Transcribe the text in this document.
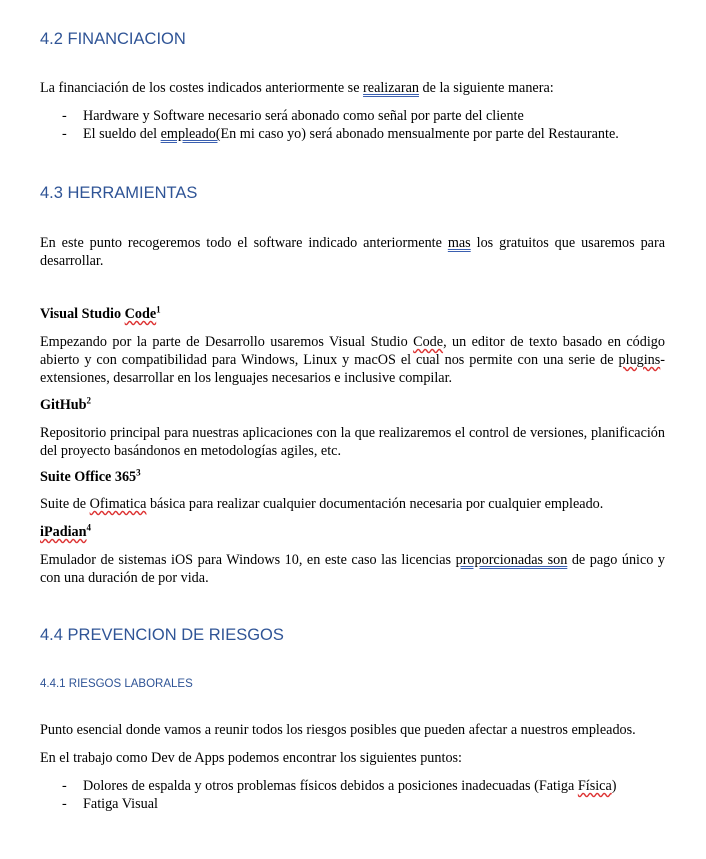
4.2 FINANCIACION
La financiación de los costes indicados anteriormente se realizaran de la siguiente manera:
- Hardware y Software necesario será abonado como señal por parte del cliente
- El sueldo del empleado(En mi caso yo) será abonado mensualmente por parte del Restaurante.
4.3 HERRAMIENTAS
En este punto recogeremos todo el software indicado anteriormente mas los gratuitos que usaremos para
desarrollar.
Visual Studio Code$^1$
Empezando por la parte de Desarrollo usaremos Visual Studio Code, un editor de texto basado en código
abierto y con compatibilidad para Windows, Linux y macOS el cual nos permite con una serie de plugins-
extensiones, desarrollar en los lenguajes necesarios e inclusive compilar.
GitHub$^2$
Repositorio principal para nuestras aplicaciones con la que realizaremos el control de versiones, planificación
del proyecto basándonos en metodologías agiles, etc.
Suite Office $365^3$
Suite de Ofimatica básica para realizar cualquier documentación necesaria por cualquier empleado.
iPadian$^4$
Emulador de sistemas iOS para Windows 10, en este caso las licencias proporcionadas son de pago único y
con una duración de por vida.
4.4 PREVENCION DE RIESGOS
4.4.1 RIESGOS LABORALES
Punto esencial donde vamos a reunir todos los riesgos posibles que pueden afectar a nuestros empleados.
En el trabajo como Dev de Apps podemos encontrar los siguientes puntos:
- Dolores de espalda y otros problemas físicos debidos a posiciones inadecuadas (Fatiga Física)
- Fatiga Visual
